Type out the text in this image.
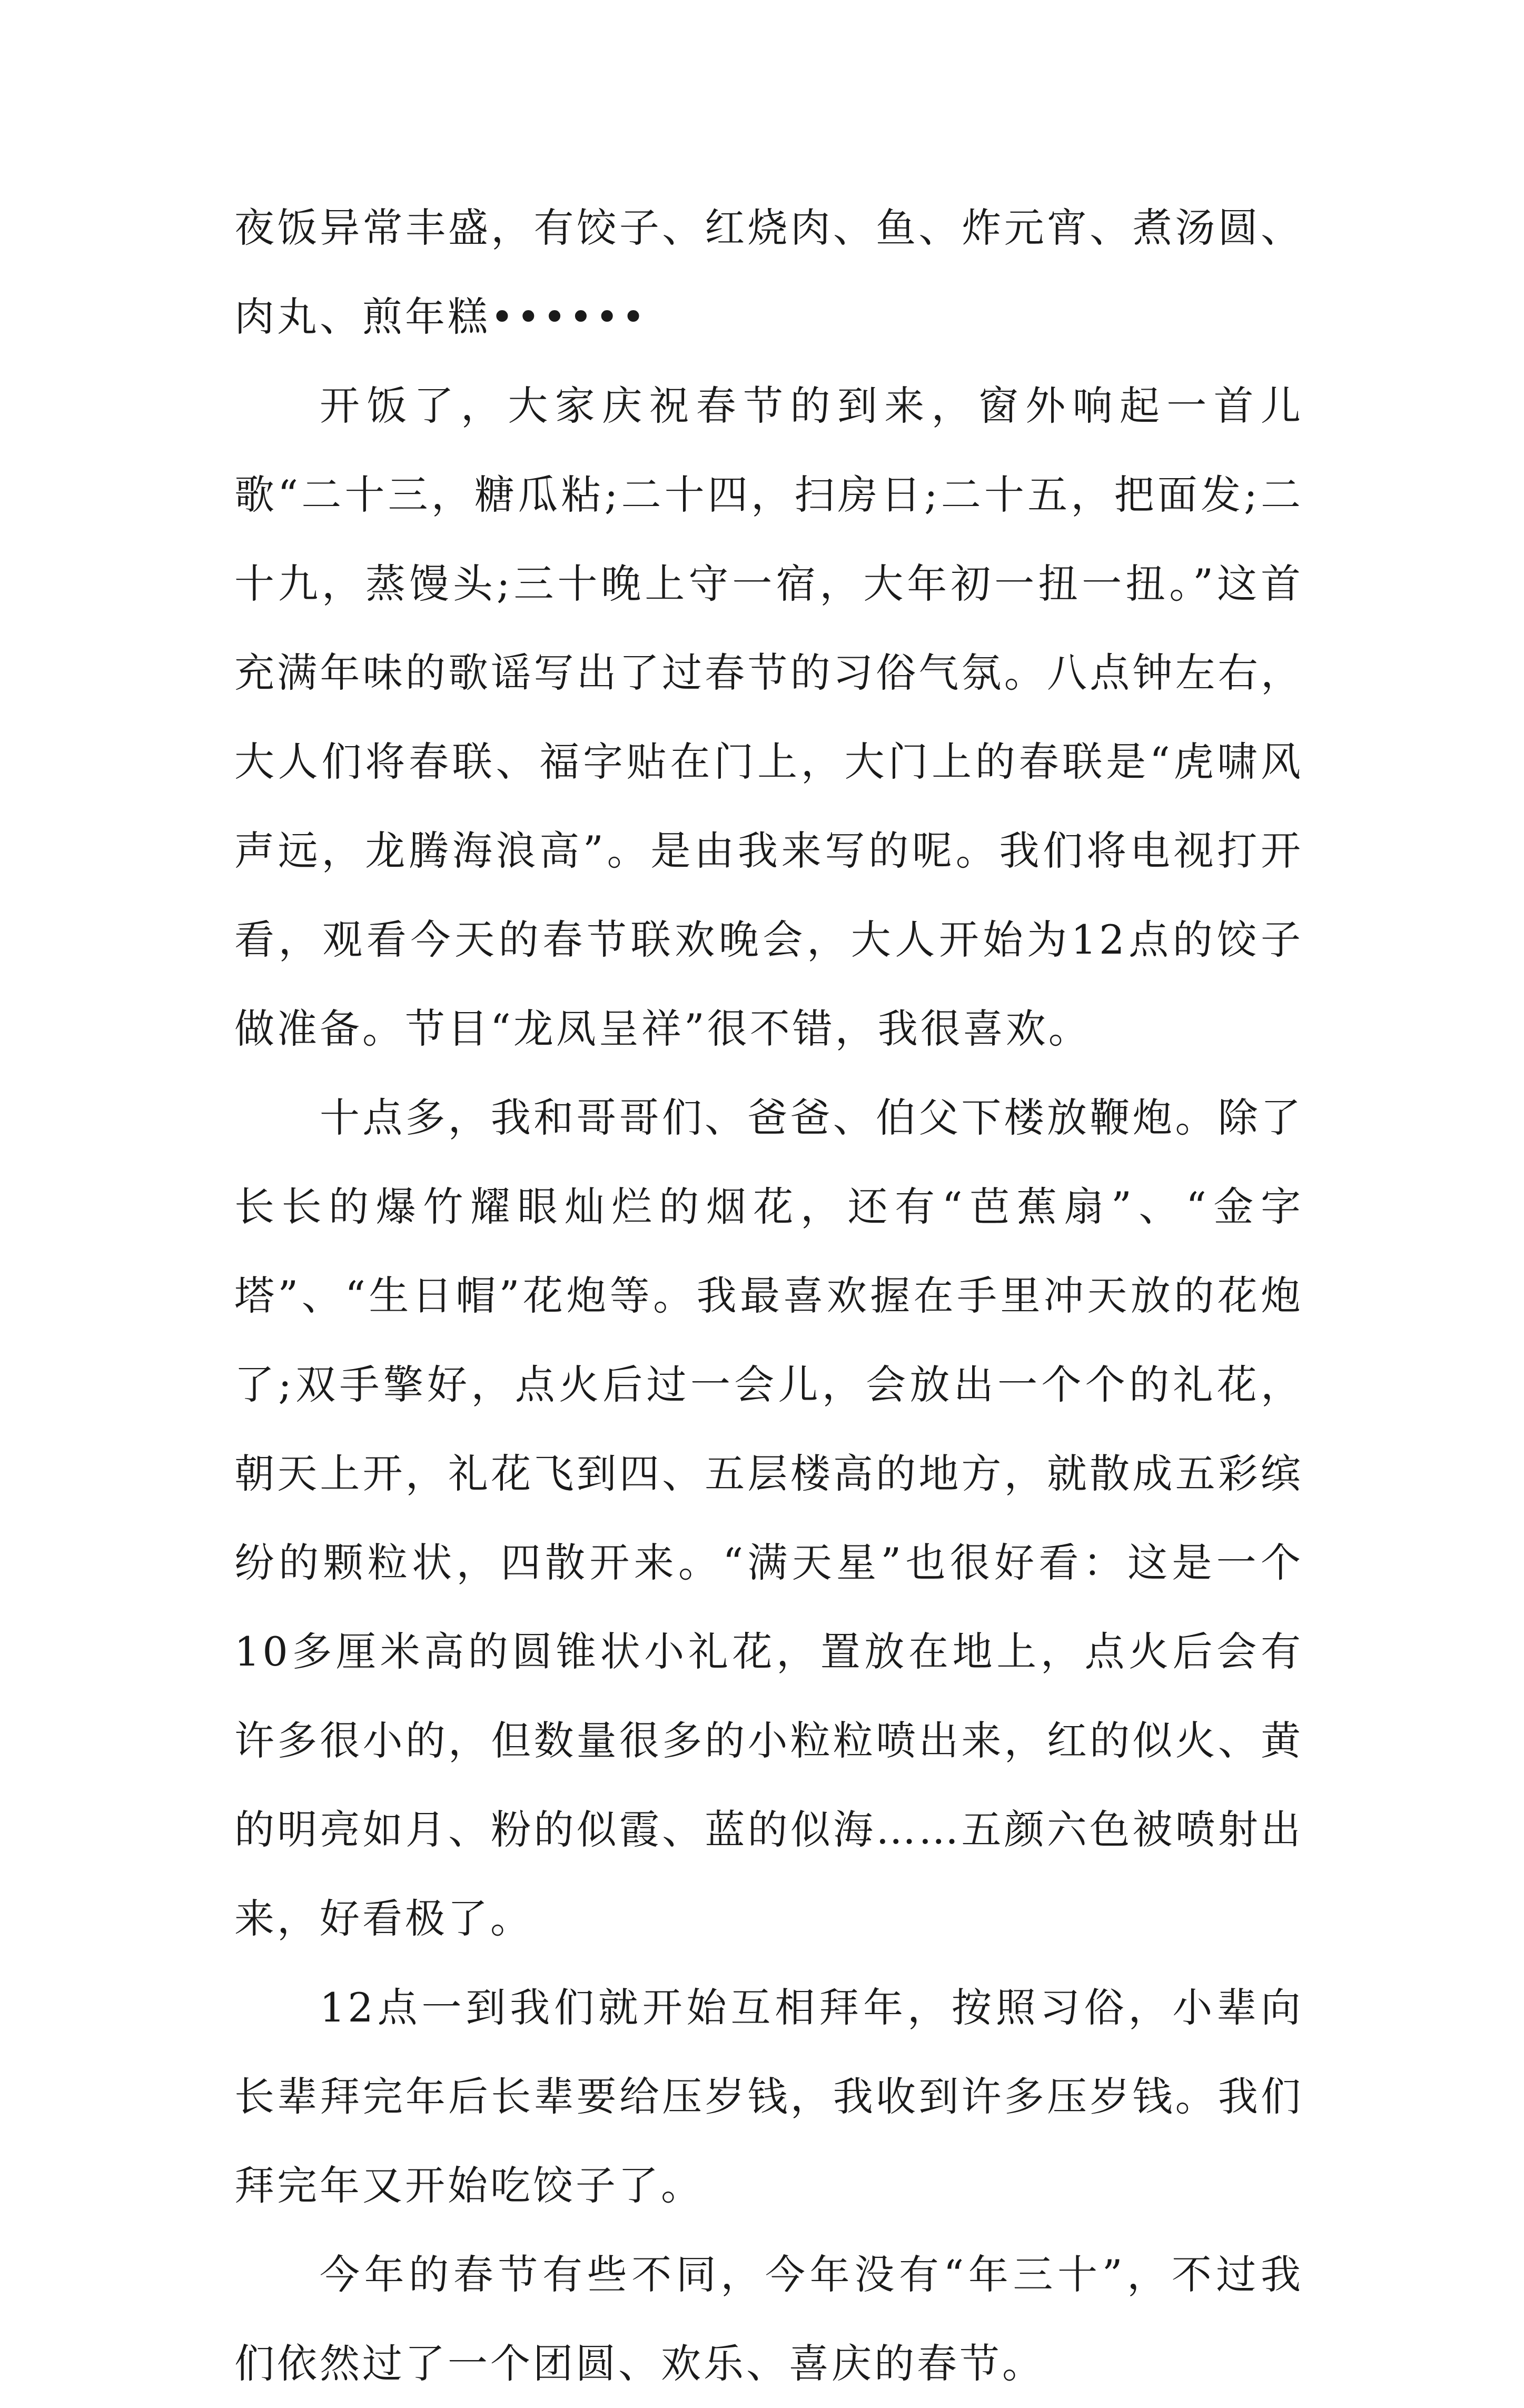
夜饭异常丰盛，有饺子、红烧肉、鱼、炸元宵、煮汤圆、肉丸、煎年糕••••••

开饭了，大家庆祝春节的到来，窗外响起一首儿歌“二十三，糖瓜粘;二十四，扫房日;二十五，把面发;二十九，蒸馒头;三十晚上守一宿，大年初一扭一扭。”这首充满年味的歌谣写出了过春节的习俗气氛。八点钟左右，大人们将春联、福字贴在门上，大门上的春联是“虎啸风声远，龙腾海浪高”。是由我来写的呢。我们将电视打开看，观看今天的春节联欢晚会，大人开始为12点的饺子做准备。节目“龙凤呈祥”很不错，我很喜欢。

十点多，我和哥哥们、爸爸、伯父下楼放鞭炮。除了长长的爆竹耀眼灿烂的烟花，还有“芭蕉扇”、“金字塔”、“生日帽”花炮等。我最喜欢握在手里冲天放的花炮了;双手擎好，点火后过一会儿，会放出一个个的礼花，朝天上开，礼花飞到四、五层楼高的地方，就散成五彩缤纷的颗粒状，四散开来。“满天星”也很好看：这是一个10多厘米高的圆锥状小礼花，置放在地上，点火后会有许多很小的，但数量很多的小粒粒喷出来，红的似火、黄的明亮如月、粉的似霞、蓝的似海……五颜六色被喷射出来，好看极了。

12点一到我们就开始互相拜年，按照习俗，小辈向长辈拜完年后长辈要给压岁钱，我收到许多压岁钱。我们拜完年又开始吃饺子了。

今年的春节有些不同，今年没有“年三十”，不过我们依然过了一个团圆、欢乐、喜庆的春节。
